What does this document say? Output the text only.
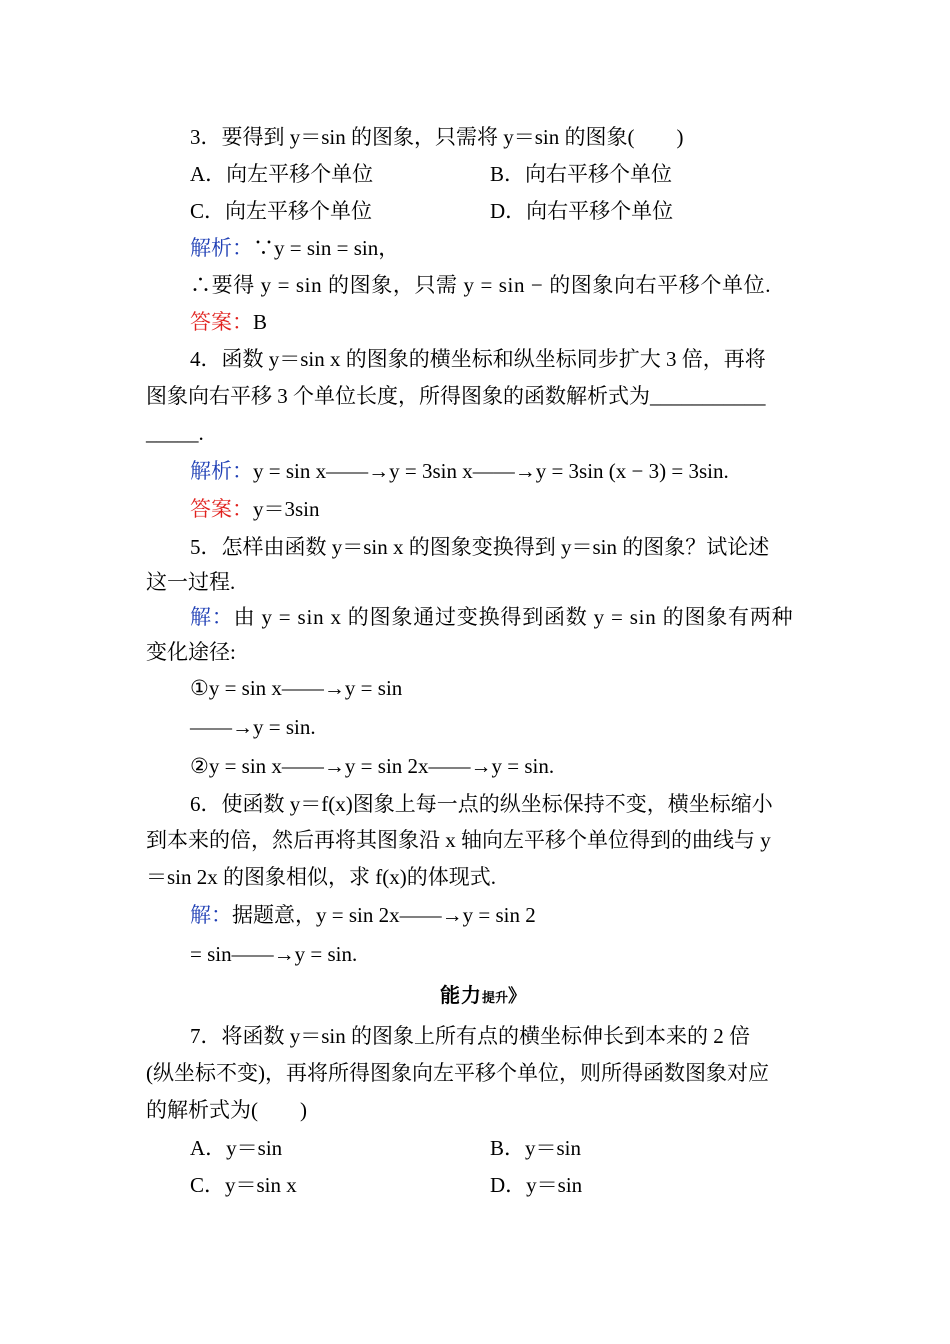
3．要得到 y＝sin 的图象，只需将 y＝sin 的图象(　　)
A．向左平移个单位	B．向右平移个单位
C．向左平移个单位	D．向右平移个单位
解析：∵y = sin = sin，
∴要得 y = sin 的图象，只需 y = sin − 的图象向右平移个单位.
答案：B
4．函数 y＝sin x 的图象的横坐标和纵坐标同步扩大 3 倍，再将
图象向右平移 3 个单位长度，所得图象的函数解析式为___________
_____.
解析：y = sin x——→y = 3sin x——→y = 3sin (x − 3) = 3sin.
答案：y＝3sin
5．怎样由函数 y＝sin x 的图象变换得到 y＝sin 的图象？试论述
这一过程.
解：由 y = sin x 的图象通过变换得到函数 y = sin 的图象有两种
变化途径:
①y = sin x——→y = sin
——→y = sin.
②y = sin x——→y = sin 2x——→y = sin.
6．使函数 y＝f(x)图象上每一点的纵坐标保持不变，横坐标缩小
到本来的倍，然后再将其图象沿 x 轴向左平移个单位得到的曲线与 y
＝sin 2x 的图象相似，求 f(x)的体现式.
解：据题意，y = sin 2x——→y = sin 2
= sin——→y = sin.
能力提升》
7．将函数 y＝sin 的图象上所有点的横坐标伸长到本来的 2 倍
(纵坐标不变)，再将所得图象向左平移个单位，则所得函数图象对应
的解析式为(　　)
A．y＝sin	B．y＝sin
C．y＝sin x	D．y＝sin
